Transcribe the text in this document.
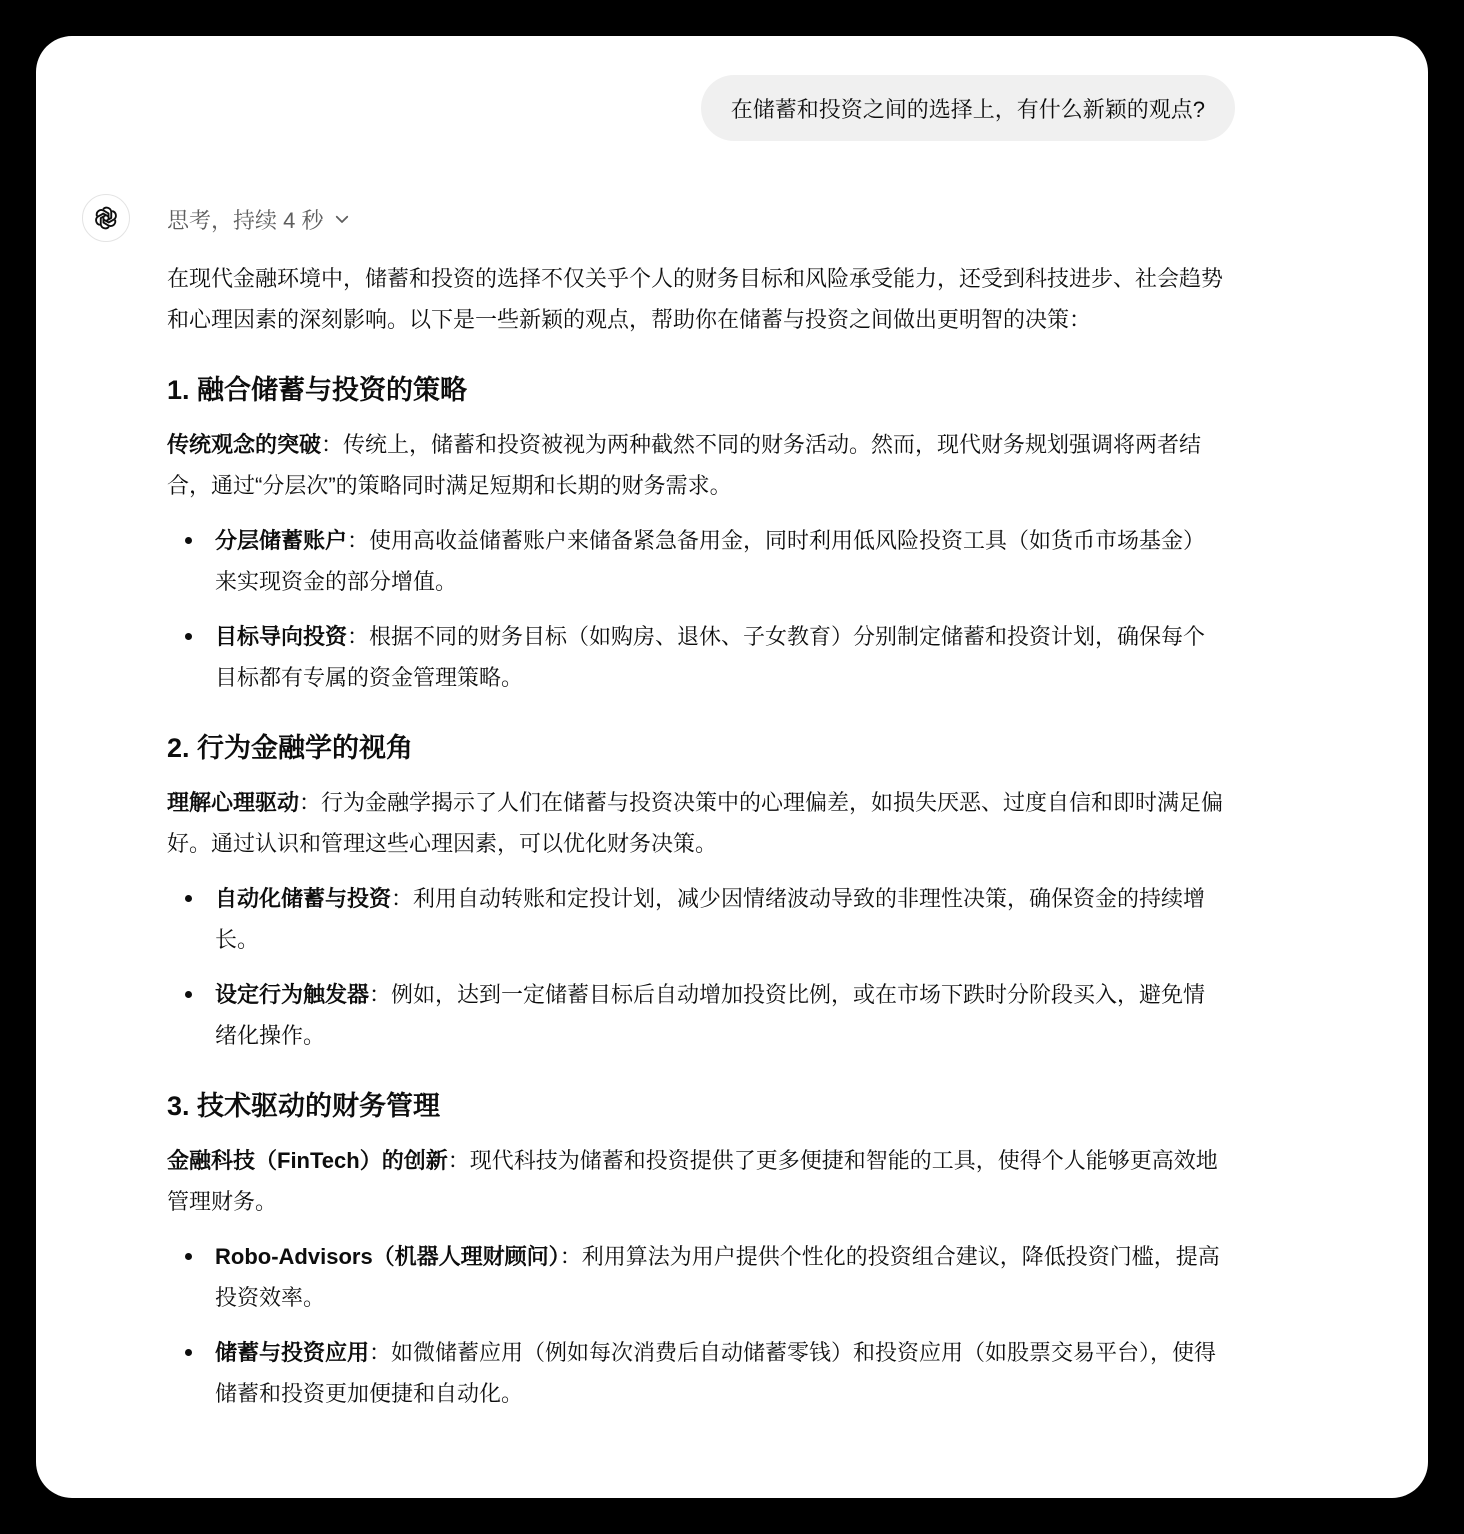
在储蓄和投资之间的选择上，有什么新颖的观点?
思考，持续 4 秒

在现代金融环境中，储蓄和投资的选择不仅关乎个人的财务目标和风险承受能力，还受到科技进步、社会趋势和心理因素的深刻影响。以下是一些新颖的观点，帮助你在储蓄与投资之间做出更明智的决策：

1. 融合储蓄与投资的策略

传统观念的突破：传统上，储蓄和投资被视为两种截然不同的财务活动。然而，现代财务规划强调将两者结合，通过“分层次”的策略同时满足短期和长期的财务需求。

分层储蓄账户：使用高收益储蓄账户来储备紧急备用金，同时利用低风险投资工具（如货币市场基金）来实现资金的部分增值。
目标导向投资：根据不同的财务目标（如购房、退休、子女教育）分别制定储蓄和投资计划，确保每个目标都有专属的资金管理策略。
2. 行为金融学的视角

理解心理驱动：行为金融学揭示了人们在储蓄与投资决策中的心理偏差，如损失厌恶、过度自信和即时满足偏好。通过认识和管理这些心理因素，可以优化财务决策。

自动化储蓄与投资：利用自动转账和定投计划，减少因情绪波动导致的非理性决策，确保资金的持续增长。
设定行为触发器：例如，达到一定储蓄目标后自动增加投资比例，或在市场下跌时分阶段买入，避免情绪化操作。
3. 技术驱动的财务管理

金融科技（FinTech）的创新：现代科技为储蓄和投资提供了更多便捷和智能的工具，使得个人能够更高效地管理财务。

Robo-Advisors（机器人理财顾问）：利用算法为用户提供个性化的投资组合建议，降低投资门槛，提高投资效率。
储蓄与投资应用：如微储蓄应用（例如每次消费后自动储蓄零钱）和投资应用（如股票交易平台），使得储蓄和投资更加便捷和自动化。
